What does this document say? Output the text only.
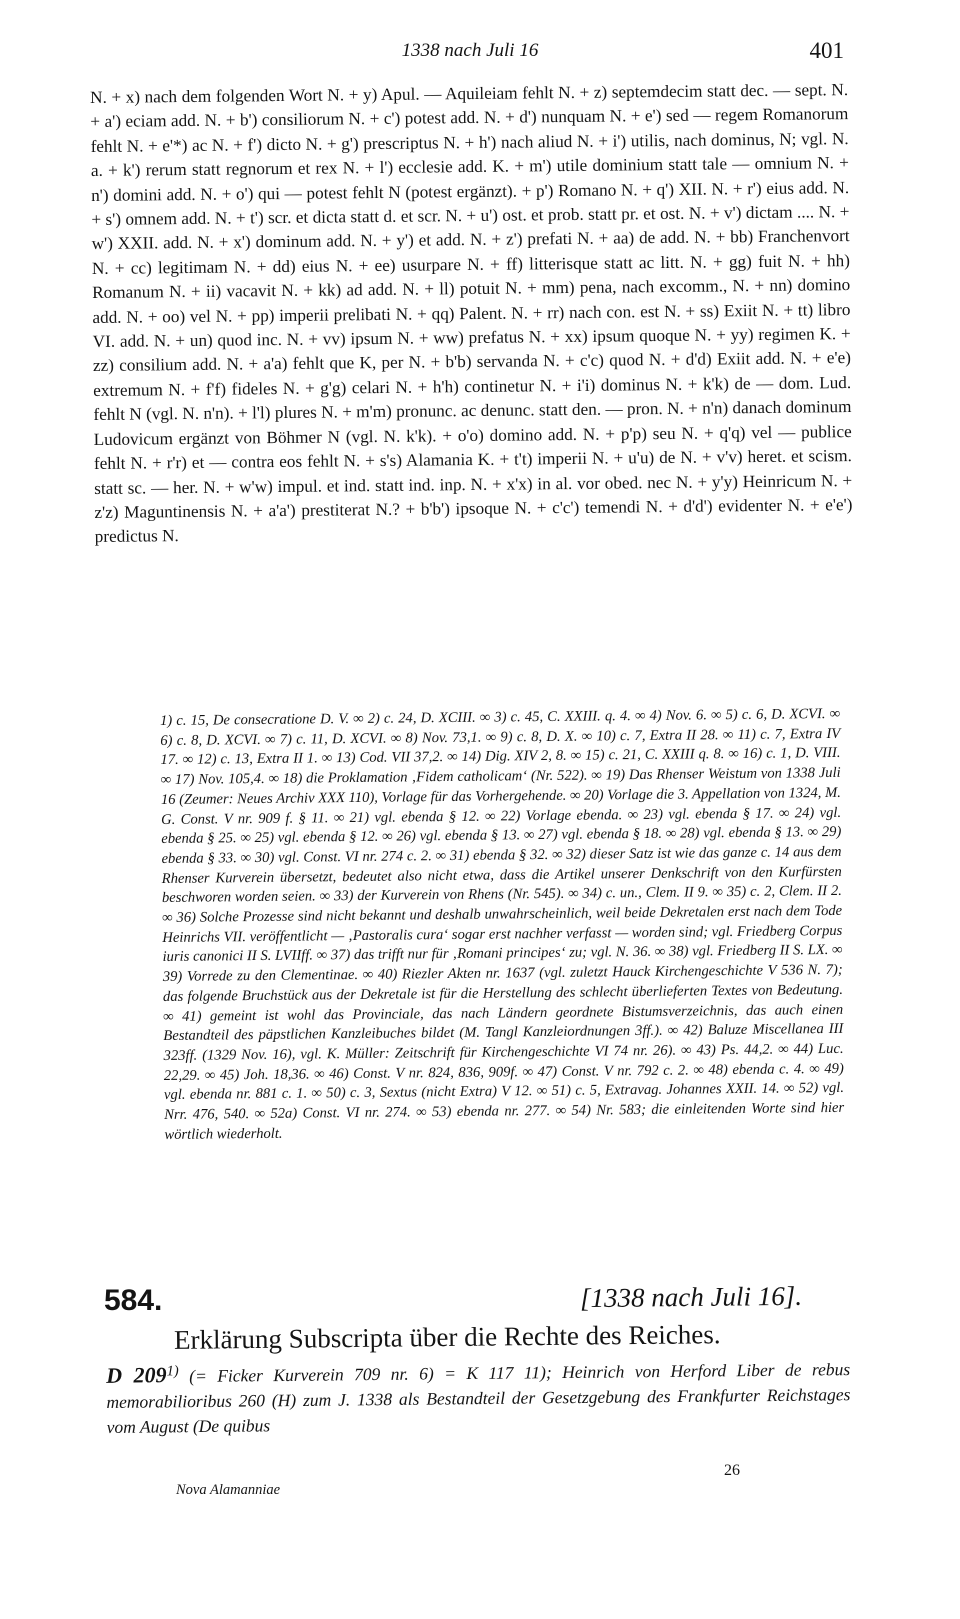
1338 nach Juli 16	401

N. + x) nach dem folgenden Wort N. + y) Apul. — Aquileiam fehlt N. + z) septemdecim statt dec. — sept. N. + a') eciam add. N. + b') consiliorum N. + c') potest add. N. + d') nunquam N. + e') sed — regem Romanorum fehlt N. + e'*) ac N. + f') dicto N. + g') prescriptus N. + h') nach aliud N. + i') utilis, nach dominus, N; vgl. N. a. + k') rerum statt regnorum et rex N. + l') ecclesie add. K. + m') utile dominium statt tale — omnium N. + n') domini add. N. + o') qui — potest fehlt N (potest ergänzt). + p') Romano N. + q') XII. N. + r') eius add. N. + s') omnem add. N. + t') scr. et dicta statt d. et scr. N. + u') ost. et prob. statt pr. et ost. N. + v') dictam .... N. + w') XXII. add. N. + x') dominum add. N. + y') et add. N. + z') prefati N. + aa) de add. N. + bb) Franchenvort N. + cc) legitimam N. + dd) eius N. + ee) usurpare N. + ff) litterisque statt ac litt. N. + gg) fuit N. + hh) Romanum N. + ii) vacavit N. + kk) ad add. N. + ll) potuit N. + mm) pena, nach excomm., N. + nn) domino add. N. + oo) vel N. + pp) imperii prelibati N. + qq) Palent. N. + rr) nach con. est N. + ss) Exiit N. + tt) libro VI. add. N. + un) quod inc. N. + vv) ipsum N. + ww) prefatus N. + xx) ipsum quoque N. + yy) regimen K. + zz) consilium add. N. + a'a) fehlt que K, per N. + b'b) servanda N. + c'c) quod N. + d'd) Exiit add. N. + e'e) extremum N. + f'f) fideles N. + g'g) celari N. + h'h) continetur N. + i'i) dominus N. + k'k) de — dom. Lud. fehlt N (vgl. N. n'n). + l'l) plures N. + m'm) pronunc. ac denunc. statt den. — pron. N. + n'n) danach dominum Ludovicum ergänzt von Böhmer N (vgl. N. k'k). + o'o) domino add. N. + p'p) seu N. + q'q) vel — publice fehlt N. + r'r) et — contra eos fehlt N. + s's) Alamania K. + t't) imperii N. + u'u) de N. + v'v) heret. et scism. statt sc. — her. N. + w'w) impul. et ind. statt ind. inp. N. + x'x) in al. vor obed. nec N. + y'y) Heinricum N. + z'z) Maguntinensis N. + a'a') prestiterat N.? + b'b') ipsoque N. + c'c') temendi N. + d'd') evidenter N. + e'e') predictus N.

1) c. 15, De consecratione D. V. ∞ 2) c. 24, D. XCIII. ∞ 3) c. 45, C. XXIII. q. 4. ∞ 4) Nov. 6. ∞ 5) c. 6, D. XCVI. ∞ 6) c. 8, D. XCVI. ∞ 7) c. 11, D. XCVI. ∞ 8) Nov. 73,1. ∞ 9) c. 8, D. X. ∞ 10) c. 7, Extra II 28. ∞ 11) c. 7, Extra IV 17. ∞ 12) c. 13, Extra II 1. ∞ 13) Cod. VII 37,2. ∞ 14) Dig. XIV 2, 8. ∞ 15) c. 21, C. XXIII q. 8. ∞ 16) c. 1, D. VIII. ∞ 17) Nov. 105,4. ∞ 18) die Proklamation ‚Fidem catholicam‘ (Nr. 522). ∞ 19) Das Rhenser Weistum von 1338 Juli 16 (Zeumer: Neues Archiv XXX 110), Vorlage für das Vorhergehende. ∞ 20) Vorlage die 3. Appellation von 1324, M. G. Const. V nr. 909 f. § 11. ∞ 21) vgl. ebenda § 12. ∞ 22) Vorlage ebenda. ∞ 23) vgl. ebenda § 17. ∞ 24) vgl. ebenda § 25. ∞ 25) vgl. ebenda § 12. ∞ 26) vgl. ebenda § 13. ∞ 27) vgl. ebenda § 18. ∞ 28) vgl. ebenda § 13. ∞ 29) ebenda § 33. ∞ 30) vgl. Const. VI nr. 274 c. 2. ∞ 31) ebenda § 32. ∞ 32) dieser Satz ist wie das ganze c. 14 aus dem Rhenser Kurverein übersetzt, bedeutet also nicht etwa, dass die Artikel unserer Denkschrift von den Kurfürsten beschworen worden seien. ∞ 33) der Kurverein von Rhens (Nr. 545). ∞ 34) c. un., Clem. II 9. ∞ 35) c. 2, Clem. II 2. ∞ 36) Solche Prozesse sind nicht bekannt und deshalb unwahrscheinlich, weil beide Dekretalen erst nach dem Tode Heinrichs VII. veröffentlicht — ‚Pastoralis cura‘ sogar erst nachher verfasst — worden sind; vgl. Friedberg Corpus iuris canonici II S. LVIIff. ∞ 37) das trifft nur für ‚Romani principes‘ zu; vgl. N. 36. ∞ 38) vgl. Friedberg II S. LX. ∞ 39) Vorrede zu den Clementinae. ∞ 40) Riezler Akten nr. 1637 (vgl. zuletzt Hauck Kirchengeschichte V 536 N. 7); das folgende Bruchstück aus der Dekretale ist für die Herstellung des schlecht überlieferten Textes von Bedeutung. ∞ 41) gemeint ist wohl das Provinciale, das nach Ländern geordnete Bistumsverzeichnis, das auch einen Bestandteil des päpstlichen Kanzleibuches bildet (M. Tangl Kanzleiordnungen 3ff.). ∞ 42) Baluze Miscellanea III 323ff. (1329 Nov. 16), vgl. K. Müller: Zeitschrift für Kirchengeschichte VI 74 nr. 26). ∞ 43) Ps. 44,2. ∞ 44) Luc. 22,29. ∞ 45) Joh. 18,36. ∞ 46) Const. V nr. 824, 836, 909f. ∞ 47) Const. V nr. 792 c. 2. ∞ 48) ebenda c. 4. ∞ 49) vgl. ebenda nr. 881 c. 1. ∞ 50) c. 3, Sextus (nicht Extra) V 12. ∞ 51) c. 5, Extravag. Johannes XXII. 14. ∞ 52) vgl. Nrr. 476, 540. ∞ 52a) Const. VI nr. 274. ∞ 53) ebenda nr. 277. ∞ 54) Nr. 583; die einleitenden Worte sind hier wörtlich wiederholt.

584.	[1338 nach Juli 16].
Erklärung Subscripta über die Rechte des Reiches.
D 209$^{1)}$ (= Ficker Kurverein 709 nr. 6) = K 117 11); Heinrich von Herford Liber de rebus memorabilioribus 260 (H) zum J. 1338 als Bestandteil der Gesetzgebung des Frankfurter Reichstages vom August (De quibus
26
Nova Alamanniae
